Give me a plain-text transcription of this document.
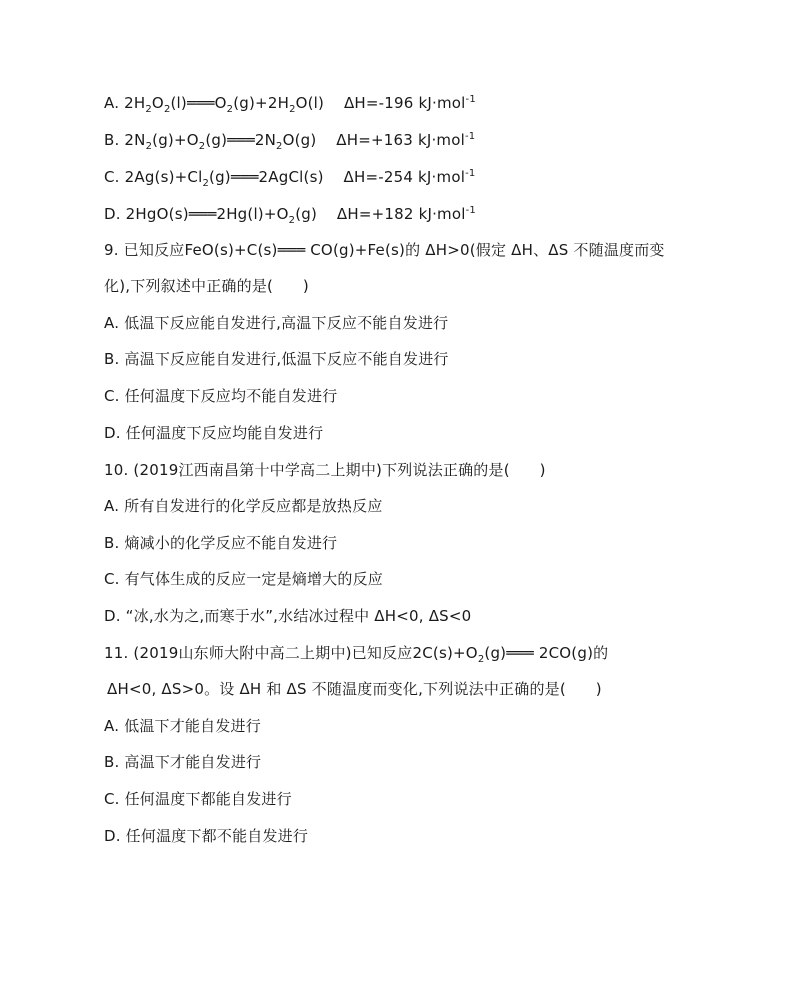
A. $2H_2O_2(l)═══O_2(g)+2H_2O(l)$    ΔH=-196 kJ·mol$^{-1}$
B. $2N_2(g)+O_2(g)═══2N_2O(g)$    ΔH=+163 kJ·mol$^{-1}$
C. $2Ag(s)+Cl_2(g)═══2AgCl(s)$    ΔH=-254 kJ·mol$^{-1}$
D. $2HgO(s)═══2Hg(l)+O_2(g)$    ΔH=+182 kJ·mol$^{-1}$
9. 已知反应FeO(s)+C(s)═══ CO(g)+Fe(s)的 ΔH>0(假定 ΔH、ΔS 不随温度而变
化),下列叙述中正确的是(      )
A. 低温下反应能自发进行,高温下反应不能自发进行
B. 高温下反应能自发进行,低温下反应不能自发进行
C. 任何温度下反应均不能自发进行
D. 任何温度下反应均能自发进行
10. (2019江西南昌第十中学高二上期中)下列说法正确的是(      )
A. 所有自发进行的化学反应都是放热反应
B. 熵减小的化学反应不能自发进行
C. 有气体生成的反应一定是熵增大的反应
D. “冰,水为之,而寒于水”,水结冰过程中 ΔH<0, ΔS<0
11. (2019山东师大附中高二上期中)已知反应$2C(s)+O_2(g)═══$ 2CO(g)的
ΔH<0, ΔS>0。设 ΔH 和 ΔS 不随温度而变化,下列说法中正确的是(      )
A. 低温下才能自发进行
B. 高温下才能自发进行
C. 任何温度下都能自发进行
D. 任何温度下都不能自发进行
